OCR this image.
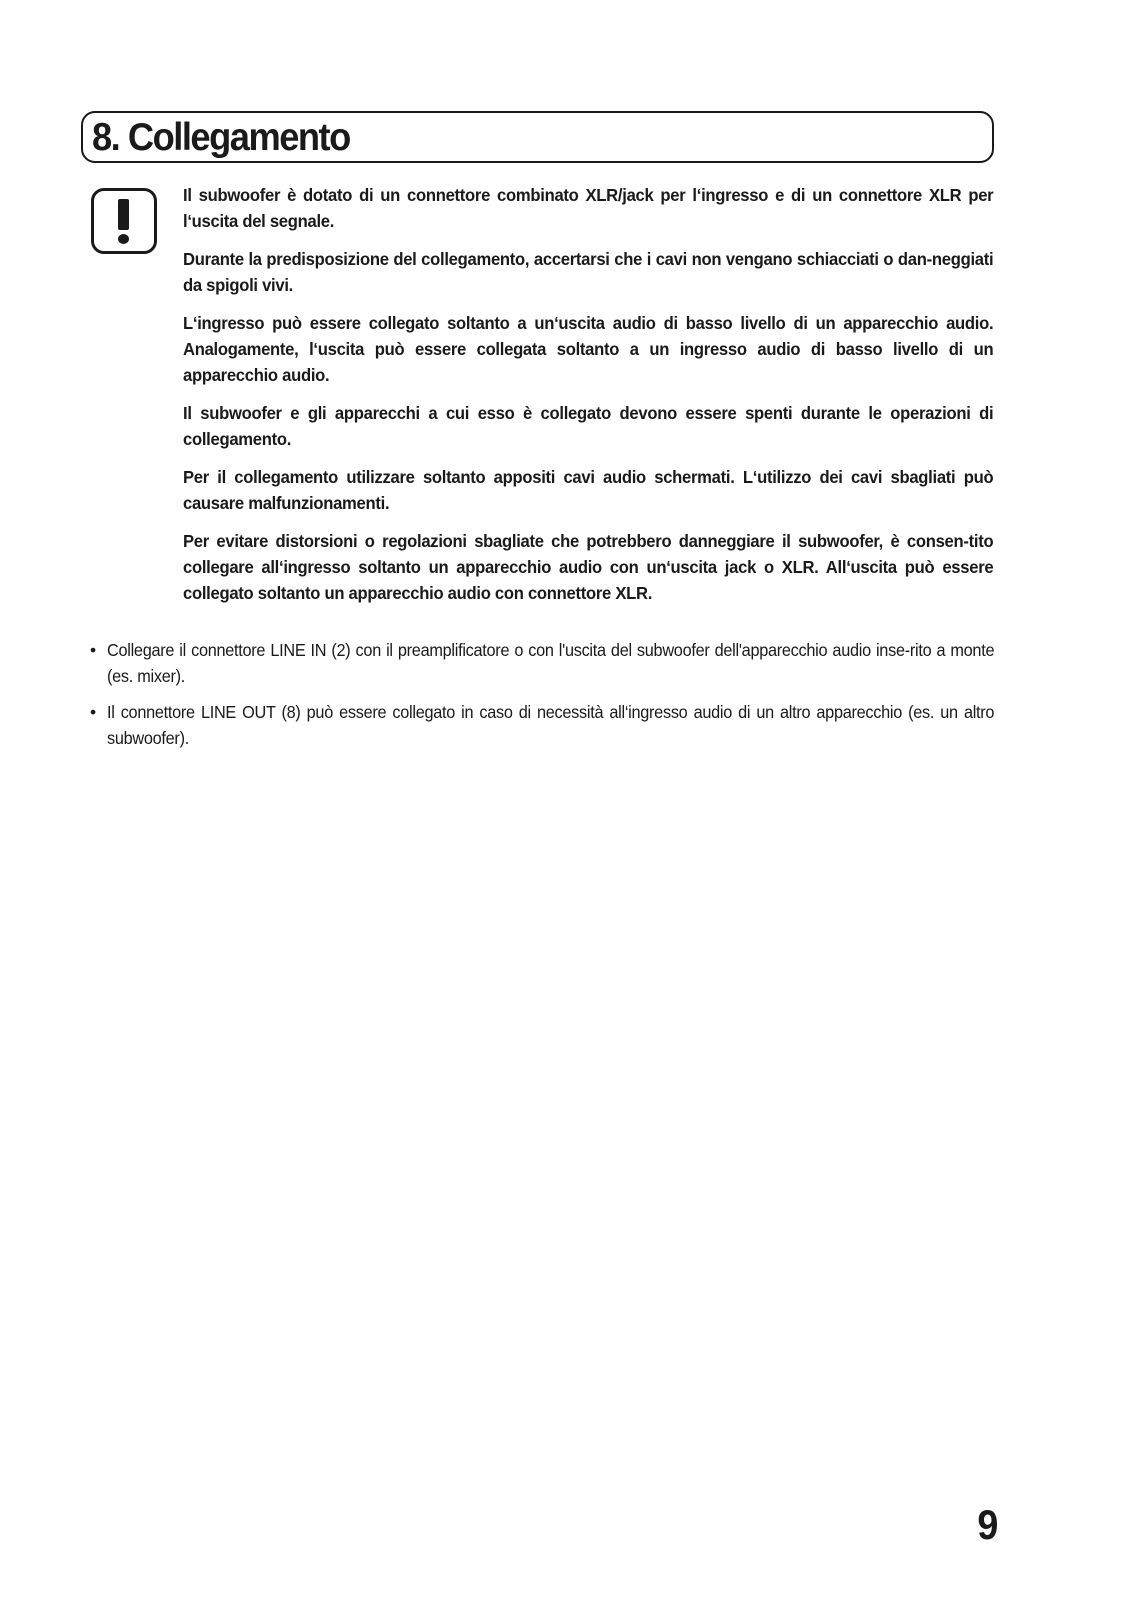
8. Collegamento

Il subwoofer è dotato di un connettore combinato XLR/jack per l‘ingresso e di un connettore XLR per l‘uscita del segnale.

Durante la predisposizione del collegamento, accertarsi che i cavi non vengano schiacciati o dan-neggiati da spigoli vivi.

L‘ingresso può essere collegato soltanto a un‘uscita audio di basso livello di un apparecchio audio. Analogamente, l‘uscita può essere collegata soltanto a un ingresso audio di basso livello di un apparecchio audio.

Il subwoofer e gli apparecchi a cui esso è collegato devono essere spenti durante le operazioni di collegamento.

Per il collegamento utilizzare soltanto appositi cavi audio schermati. L‘utilizzo dei cavi sbagliati può causare malfunzionamenti.

Per evitare distorsioni o regolazioni sbagliate che potrebbero danneggiare il subwoofer, è consen-tito collegare all‘ingresso soltanto un apparecchio audio con un‘uscita jack o XLR. All‘uscita può essere collegato soltanto un apparecchio audio con connettore XLR.

• Collegare il connettore LINE IN (2) con il preamplificatore o con l'uscita del subwoofer dell'apparecchio audio inse-rito a monte (es. mixer).
• Il connettore LINE OUT (8) può essere collegato in caso di necessità all‘ingresso audio di un altro apparecchio (es. un altro subwoofer).
9
